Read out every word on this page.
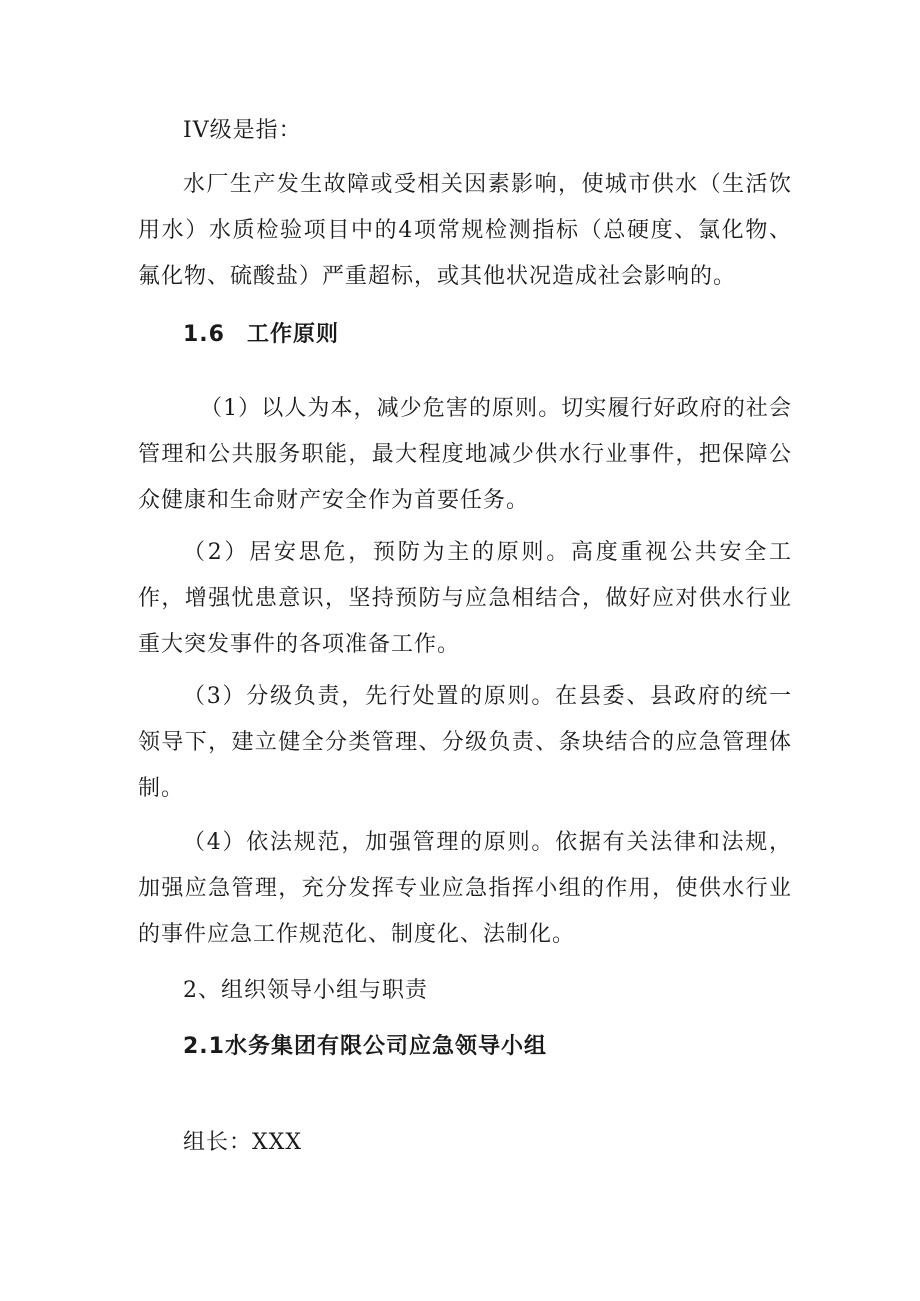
IV级是指：

水厂生产发生故障或受相关因素影响，使城市供水（生活饮用水）水质检验项目中的4项常规检测指标（总硬度、氯化物、氟化物、硫酸盐）严重超标，或其他状况造成社会影响的。

1.6 工作原则

（1）以人为本，减少危害的原则。切实履行好政府的社会管理和公共服务职能，最大程度地减少供水行业事件，把保障公众健康和生命财产安全作为首要任务。

（2）居安思危，预防为主的原则。高度重视公共安全工作，增强忧患意识，坚持预防与应急相结合，做好应对供水行业重大突发事件的各项准备工作。

（3）分级负责，先行处置的原则。在县委、县政府的统一领导下，建立健全分类管理、分级负责、条块结合的应急管理体制。

（4）依法规范，加强管理的原则。依据有关法律和法规，加强应急管理，充分发挥专业应急指挥小组的作用，使供水行业的事件应急工作规范化、制度化、法制化。

2、组织领导小组与职责

2.1水务集团有限公司应急领导小组

组长：XXX
